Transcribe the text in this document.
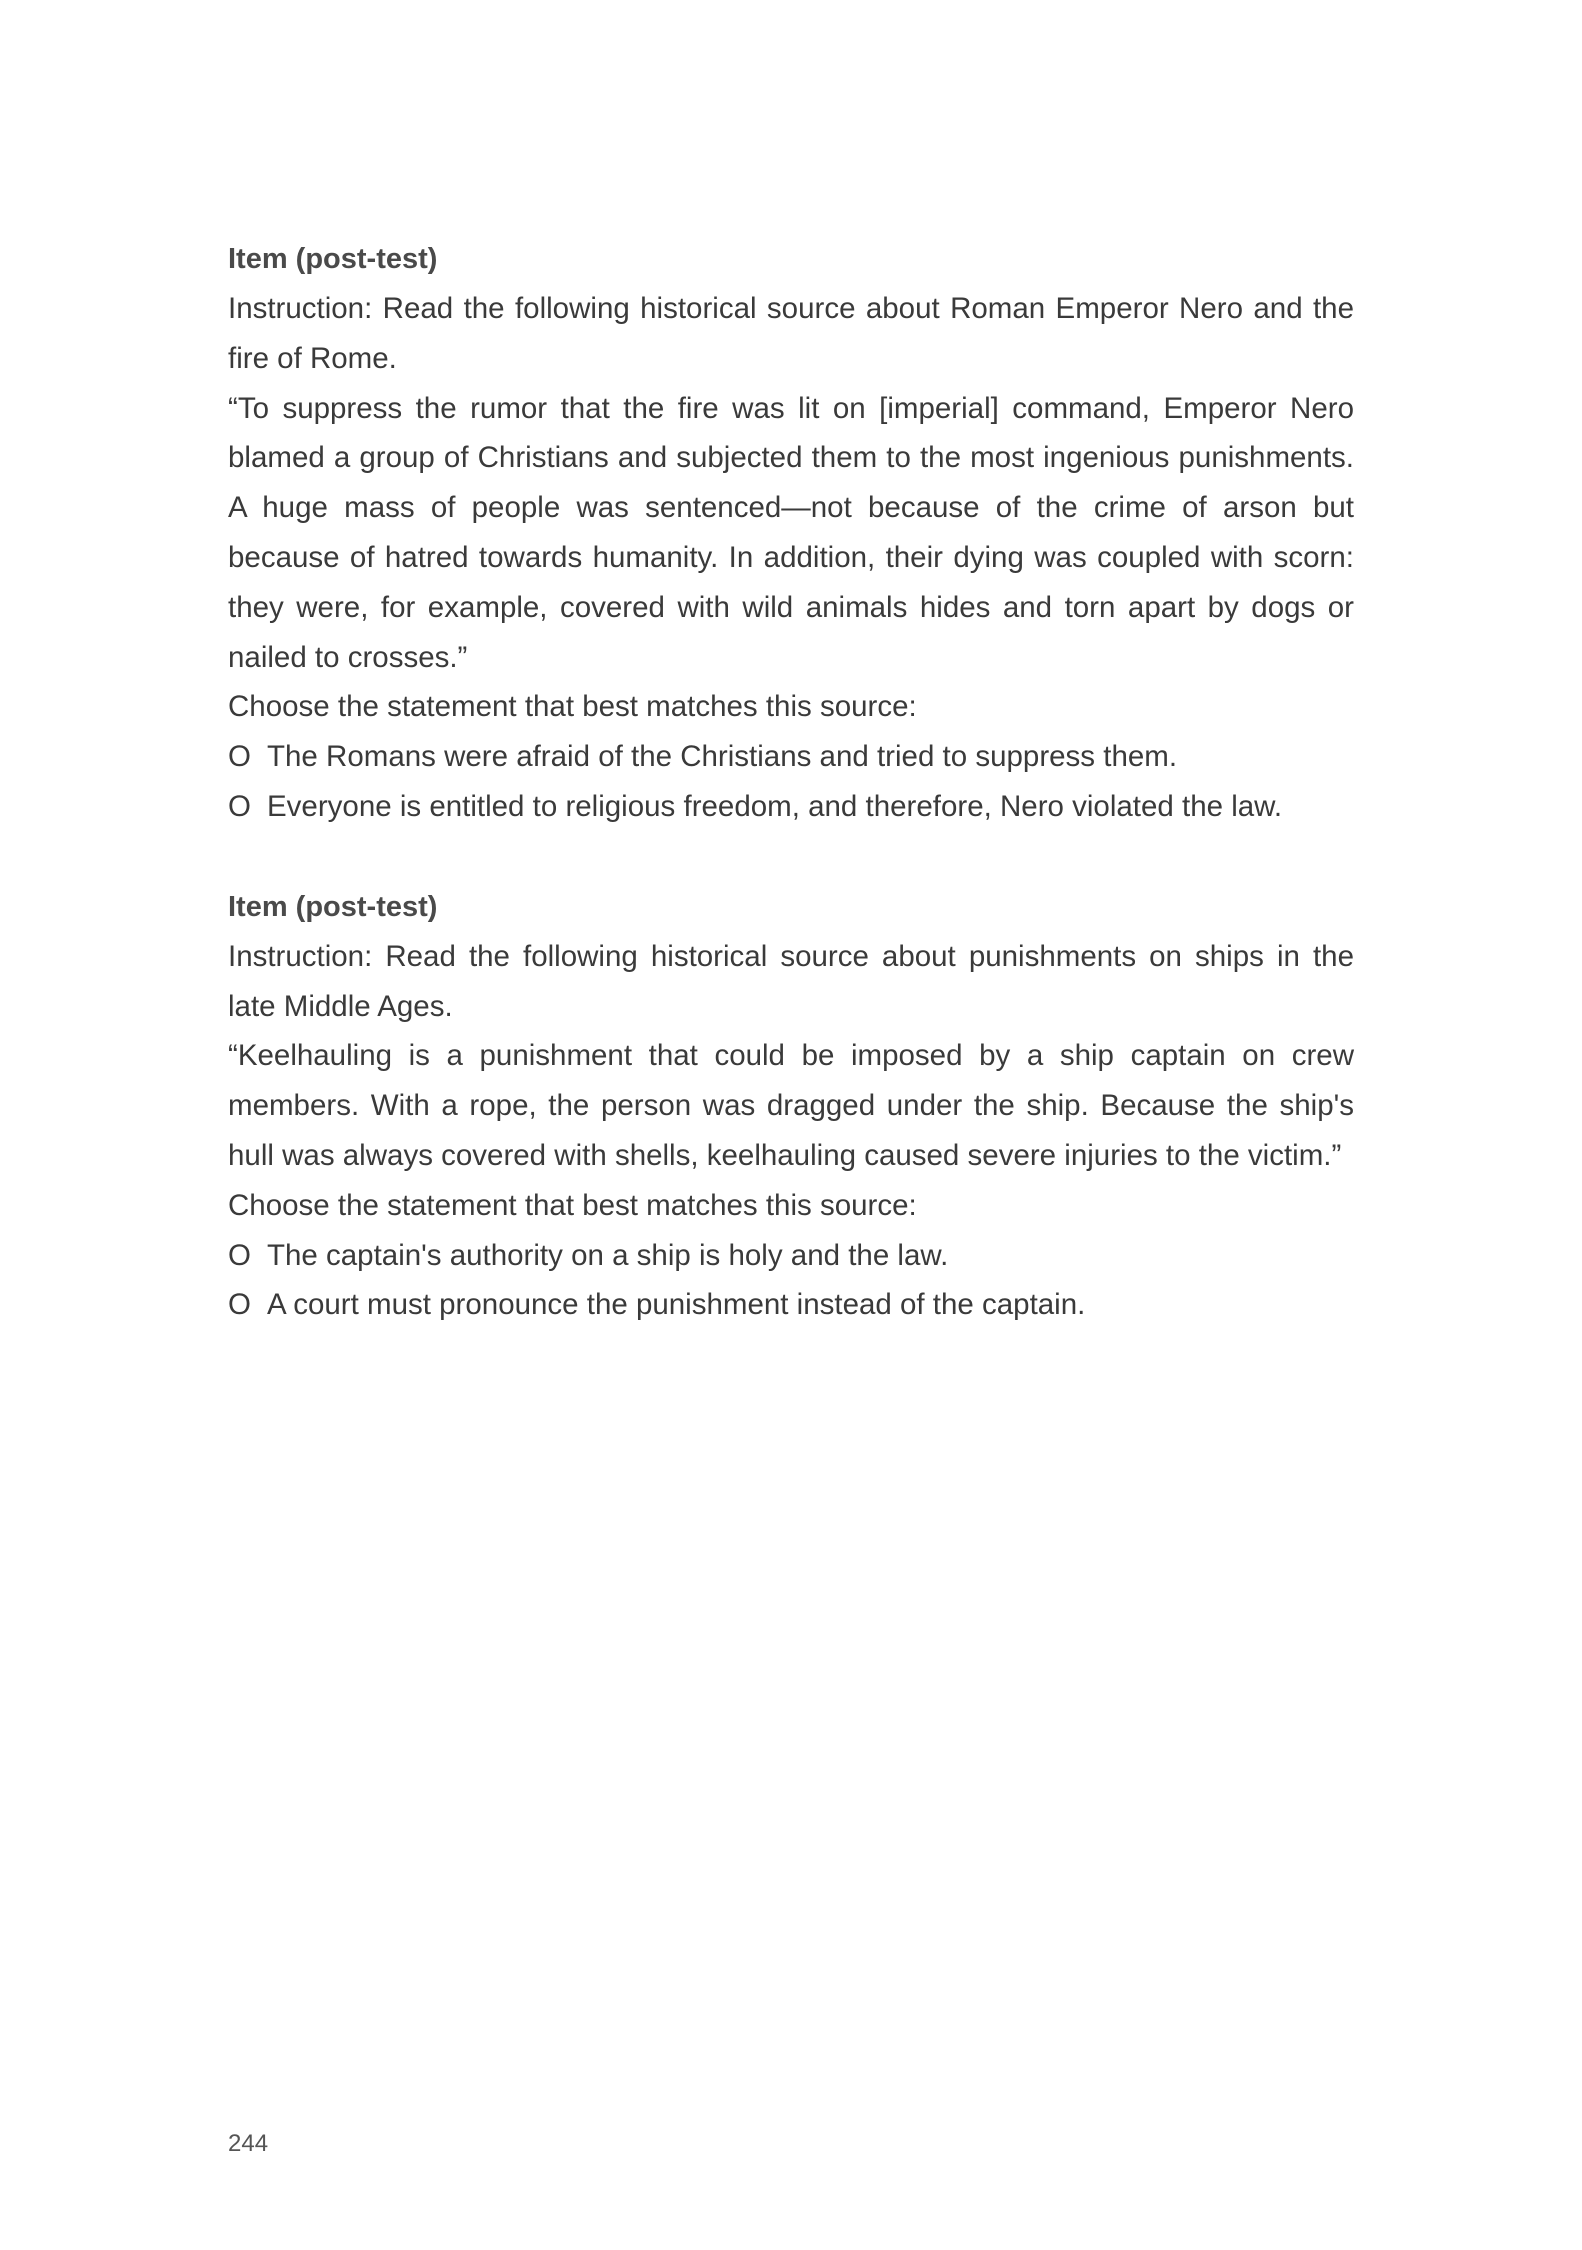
Item (post-test)

Instruction: Read the following historical source about Roman Emperor Nero and the fire of Rome.

“To suppress the rumor that the fire was lit on [imperial] command, Emperor Nero blamed a group of Christians and subjected them to the most ingenious punishments. A huge mass of people was sentenced—not because of the crime of arson but because of hatred towards humanity. In addition, their dying was coupled with scorn: they were, for example, covered with wild animals hides and torn apart by dogs or nailed to crosses.”

Choose the statement that best matches this source:

O The Romans were afraid of the Christians and tried to suppress them.
O Everyone is entitled to religious freedom, and therefore, Nero violated the law.
Item (post-test)

Instruction: Read the following historical source about punishments on ships in the late Middle Ages.

“Keelhauling is a punishment that could be imposed by a ship captain on crew members. With a rope, the person was dragged under the ship. Because the ship's hull was always covered with shells, keelhauling caused severe injuries to the victim.”

Choose the statement that best matches this source:

O The captain's authority on a ship is holy and the law.
O A court must pronounce the punishment instead of the captain.
244
